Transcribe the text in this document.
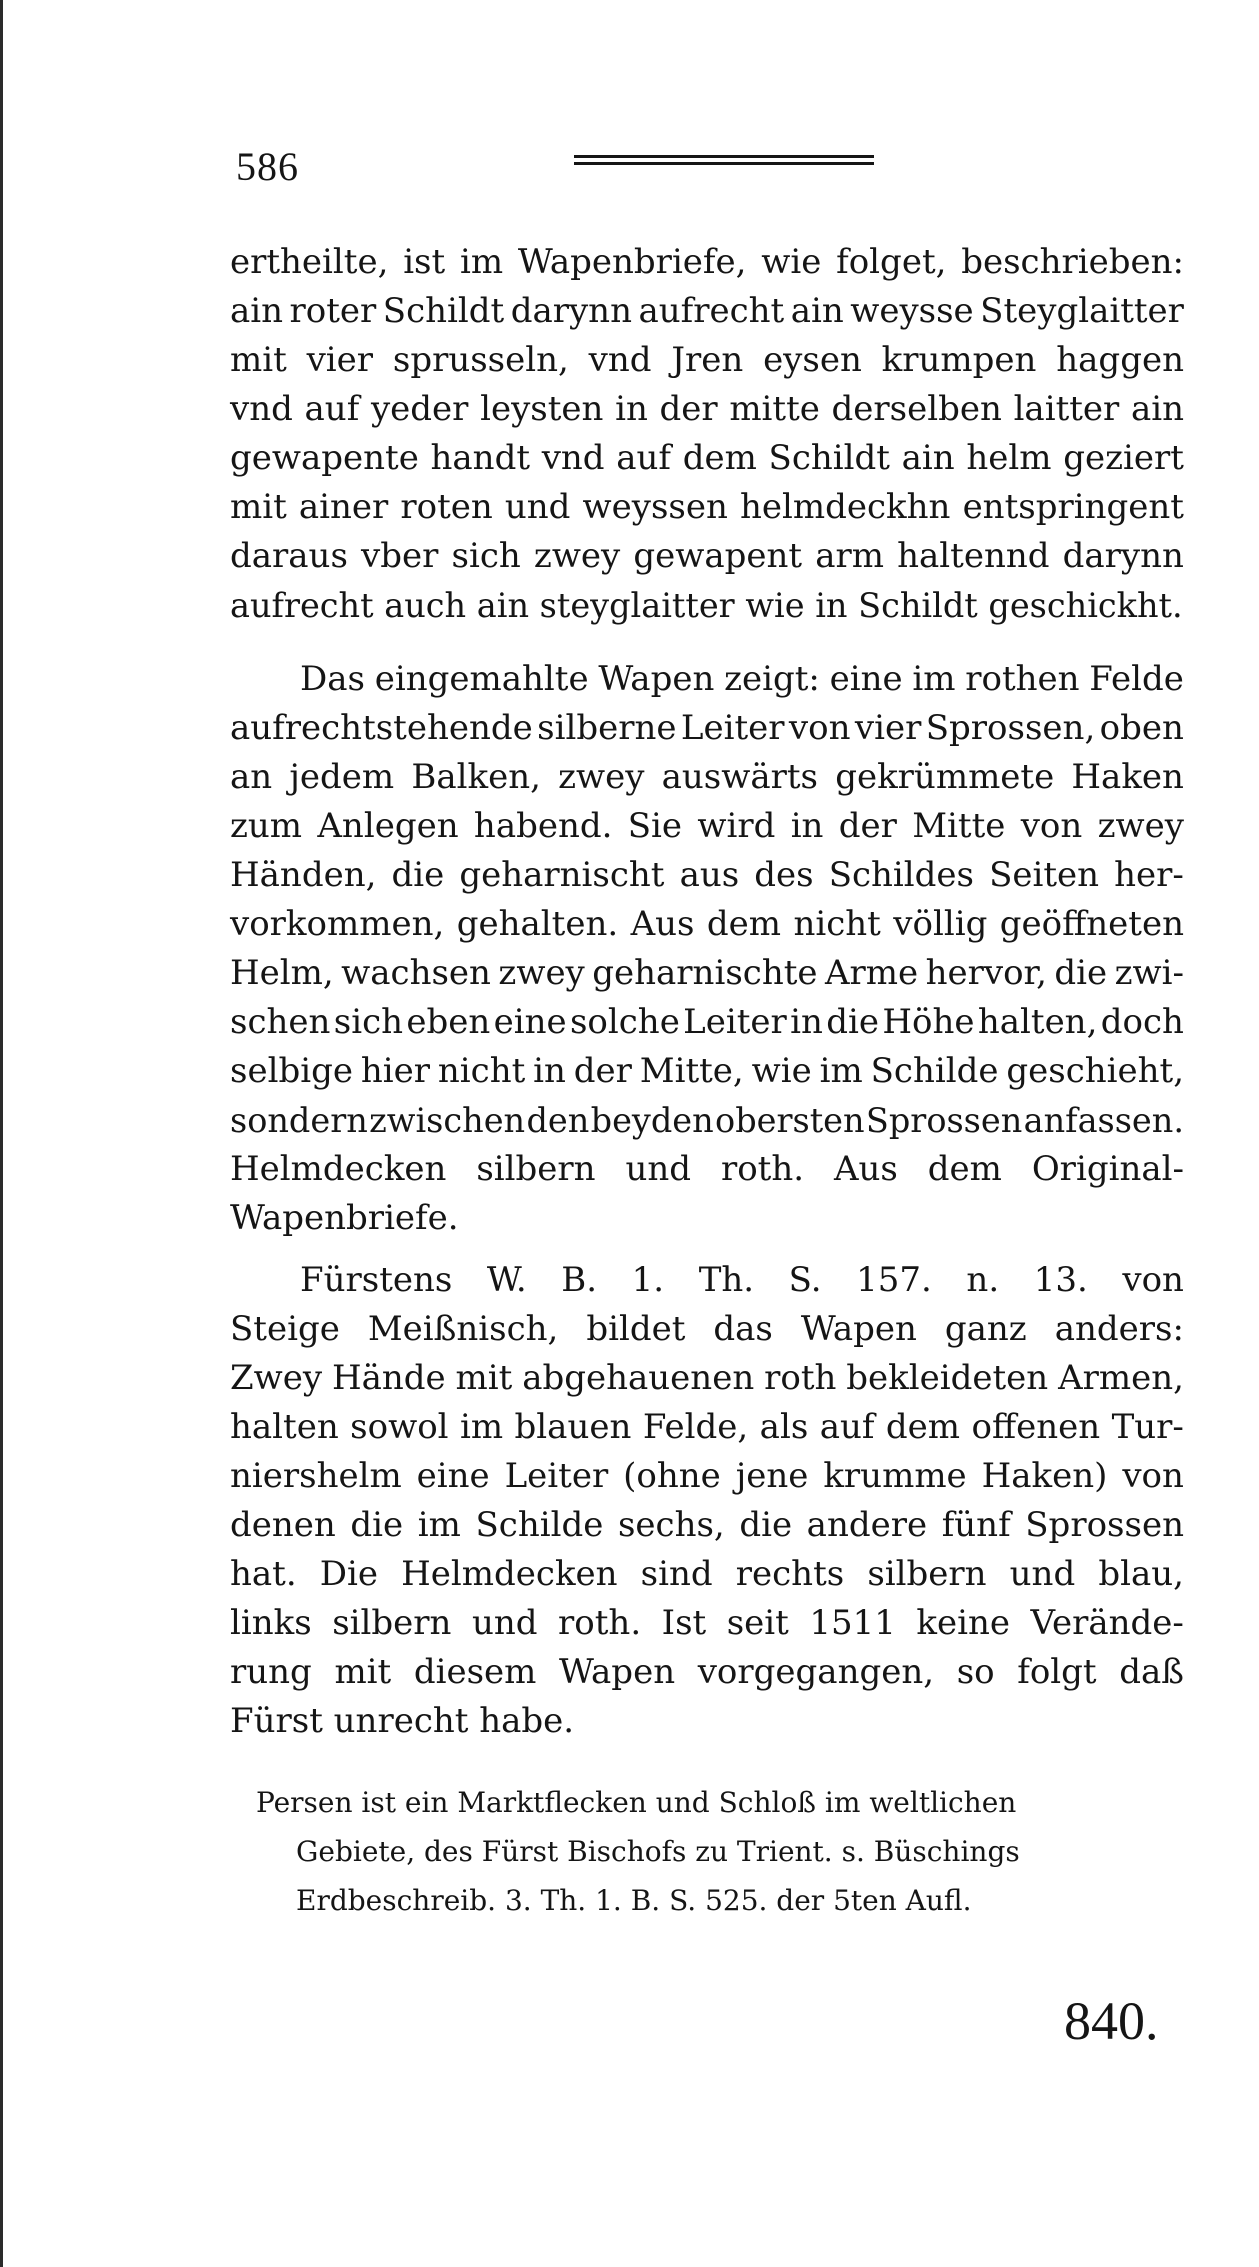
586
ertheilte, ist im Wapenbriefe, wie folget, beschrieben:
ain roter Schildt darynn aufrecht ain weysse Steyglaitter
mit vier sprusseln, vnd Jren eysen krumpen haggen
vnd auf yeder leysten in der mitte derselben laitter ain
gewapente handt vnd auf dem Schildt ain helm geziert
mit ainer roten und weyssen helmdeckhn entspringent
daraus vber sich zwey gewapent arm haltennd darynn
aufrecht auch ain steyglaitter wie in Schildt geschickht.
Das eingemahlte Wapen zeigt: eine im rothen Felde
aufrechtstehende silberne Leiter von vier Sprossen, oben
an jedem Balken, zwey auswärts gekrümmete Haken
zum Anlegen habend. Sie wird in der Mitte von zwey
Händen, die geharnischt aus des Schildes Seiten her-
vorkommen, gehalten. Aus dem nicht völlig geöffneten
Helm, wachsen zwey geharnischte Arme hervor, die zwi-
schen sich eben eine solche Leiter in die Höhe halten, doch
selbige hier nicht in der Mitte, wie im Schilde geschieht,
sondern zwischen den beyden obersten Sprossen anfassen.
Helmdecken silbern und roth. Aus dem Original-
Wapenbriefe.
Fürstens W. B. 1. Th. S. 157. n. 13. von
Steige Meißnisch, bildet das Wapen ganz anders:
Zwey Hände mit abgehauenen roth bekleideten Armen,
halten sowol im blauen Felde, als auf dem offenen Tur-
niershelm eine Leiter (ohne jene krumme Haken) von
denen die im Schilde sechs, die andere fünf Sprossen
hat. Die Helmdecken sind rechts silbern und blau,
links silbern und roth. Ist seit 1511 keine Verände-
rung mit diesem Wapen vorgegangen, so folgt daß
Fürst unrecht habe.
Persen ist ein Marktflecken und Schloß im weltlichen
Gebiete, des Fürst Bischofs zu Trient. s. Büschings
Erdbeschreib. 3. Th. 1. B. S. 525. der 5ten Aufl.
840.
